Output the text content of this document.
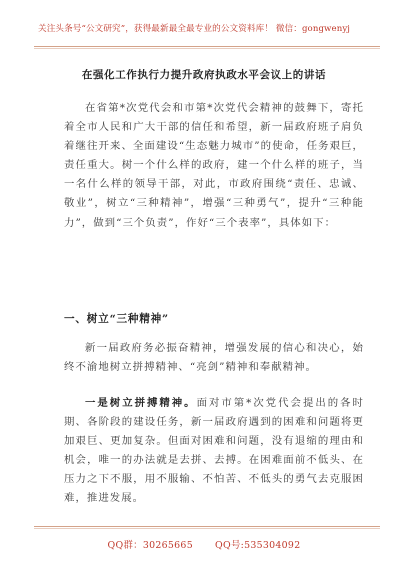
关注头条号“公文研究”，获得最新最全最专业的公文资料库！ 微信：gongwenyj
在强化工作执行力提升政府执政水平会议上的讲话

在省第*次党代会和市第*次党代会精神的鼓舞下，寄托着全市人民和广大干部的信任和希望，新一届政府班子肩负着继往开来、全面建设“生态魅力城市”的使命，任务艰巨，责任重大。树一个什么样的政府，建一个什么样的班子，当一名什么样的领导干部，对此，市政府围绕“责任、忠诚、敬业”，树立“三种精神”，增强“三种勇气”，提升“三种能力”，做到“三个负责”，作好“三个表率”，具体如下：

一、树立“三种精神”

新一届政府务必振奋精神，增强发展的信心和决心，始终不渝地树立拼搏精神、“亮剑”精神和奉献精神。

一是树立拼搏精神。面对市第*次党代会提出的各时期、各阶段的建设任务，新一届政府遇到的困难和问题将更加艰巨、更加复杂。但面对困难和问题，没有退缩的理由和机会，唯一的办法就是去拼、去搏。在困难面前不低头、在压力之下不服，用不服输、不怕苦、不低头的勇气去克服困难，推进发展。

QQ群：30265665 QQ号:535304092
